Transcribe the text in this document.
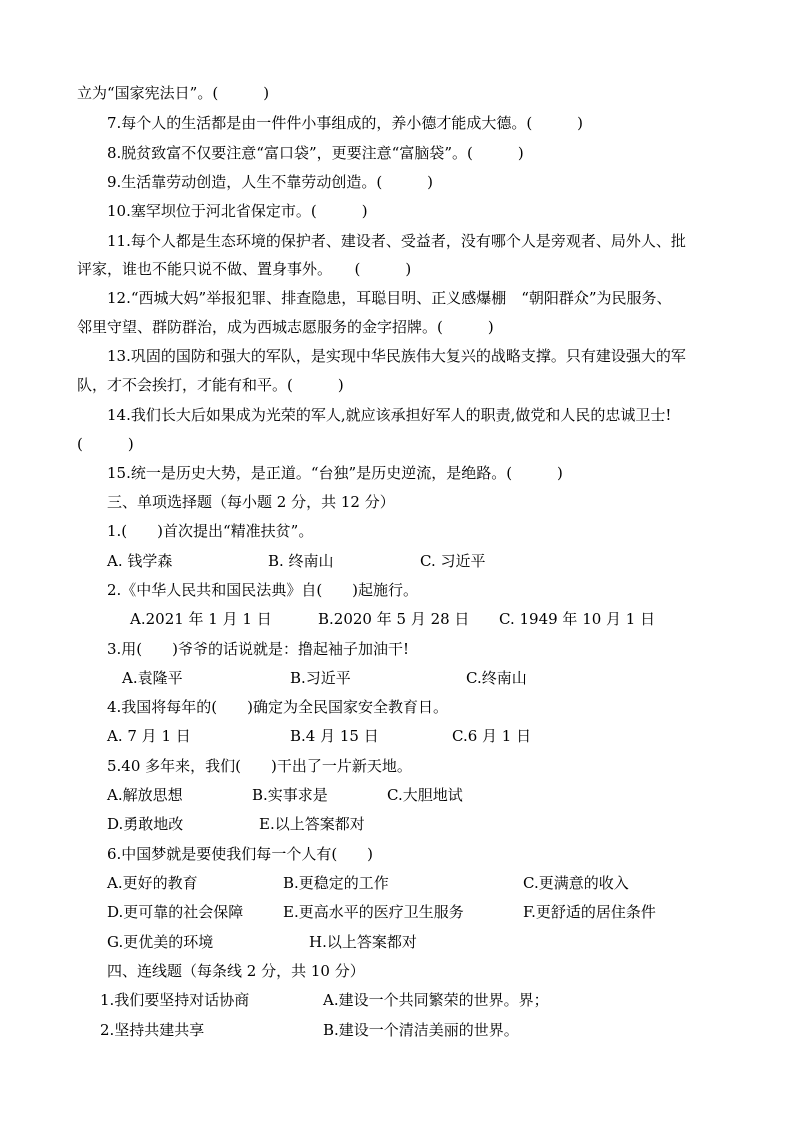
立为“国家宪法日”。(　　　)
7.每个人的生活都是由一件件小事组成的，养小德才能成大德。(　　　)
8.脱贫致富不仅要注意“富口袋”，更要注意“富脑袋”。(　　　)
9.生活靠劳动创造，人生不靠劳动创造。(　　　)
10.塞罕坝位于河北省保定市。(　　　)
11.每个人都是生态环境的保护者、建设者、受益者，没有哪个人是旁观者、局外人、批
评家，谁也不能只说不做、置身事外。　　(　　　)
12.“西城大妈”举报犯罪、排查隐患，耳聪目明、正义感爆棚　“朝阳群众”为民服务、
邻里守望、群防群治，成为西城志愿服务的金字招牌。(　　　)
13.巩固的国防和强大的军队，是实现中华民族伟大复兴的战略支撑。只有建设强大的军
队，才不会挨打，才能有和平。(　　　)
14.我们长大后如果成为光荣的军人,就应该承担好军人的职责,做党和人民的忠诚卫士!
(　　　)
15.统一是历史大势，是正道。“台独”是历史逆流，是绝路。(　　　)
三、单项选择题（每小题 2 分，共 12 分）
1.(　　)首次提出“精准扶贫”。
A. 钱学森	B. 终南山	C. 习近平
2.《中华人民共和国民法典》自(　　)起施行。
A.2021 年 1 月 1 日	B.2020 年 5 月 28 日 C. 1949 年 10 月 1 日
3.用(　　)爷爷的话说就是：撸起袖子加油干!
A.袁隆平	B.习近平	C.终南山
4.我国将每年的(　　)确定为全民国家安全教育日。
A. 7 月 1 日	B.4 月 15 日	C.6 月 1 日
5.40 多年来，我们(　　)干出了一片新天地。
A.解放思想	B.实事求是	C.大胆地试
D.勇敢地改	E.以上答案都对
6.中国梦就是要使我们每一个人有(　　)
A.更好的教育	B.更稳定的工作	C.更满意的收入
D.更可靠的社会保障	E.更高水平的医疗卫生服务	F.更舒适的居住条件
G.更优美的环境	H.以上答案都对
四、连线题（每条线 2 分，共 10 分）
1.我们要坚持对话协商	A.建设一个共同繁荣的世界。界；
2.坚持共建共享	B.建设一个清洁美丽的世界。
